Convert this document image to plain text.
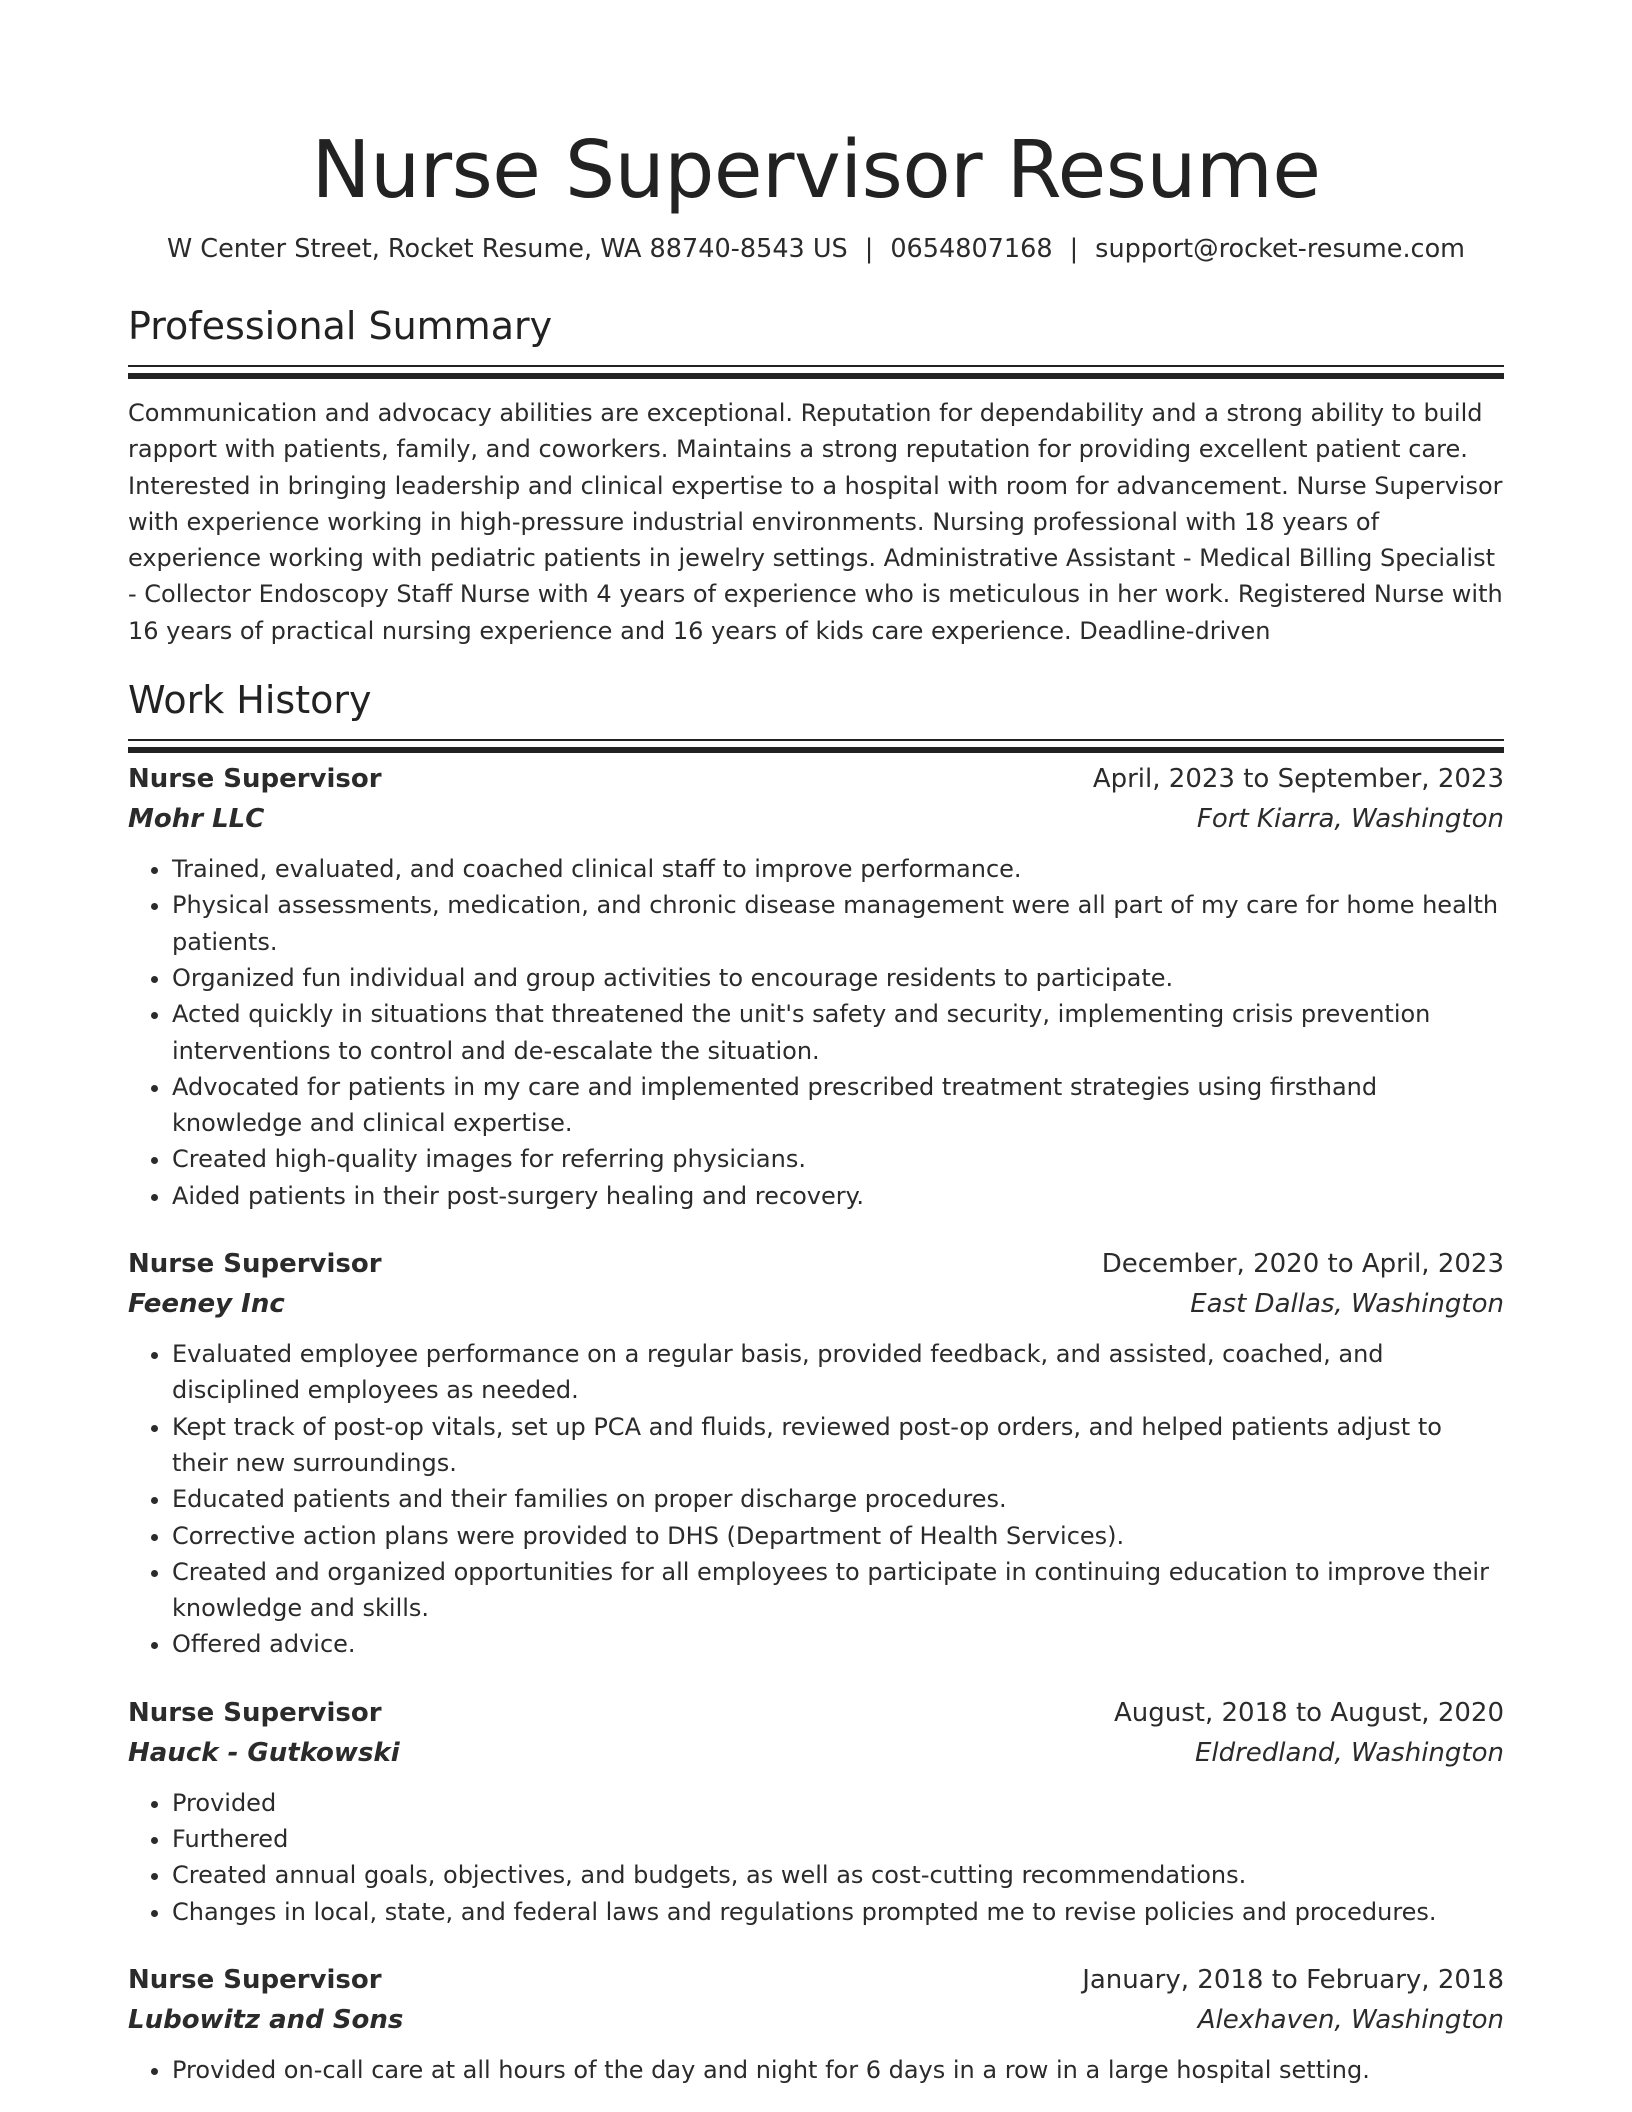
Nurse Supervisor Resume
W Center Street, Rocket Resume, WA 88740-8543 US | 0654807168 | support@rocket-resume.com
Professional Summary

Communication and advocacy abilities are exceptional. Reputation for dependability and a strong ability to build rapport with patients, family, and coworkers. Maintains a strong reputation for providing excellent patient care. Interested in bringing leadership and clinical expertise to a hospital with room for advancement. Nurse Supervisor with experience working in high-pressure industrial environments. Nursing professional with 18 years of experience working with pediatric patients in jewelry settings. Administrative Assistant - Medical Billing Specialist - Collector Endoscopy Staff Nurse with 4 years of experience who is meticulous in her work. Registered Nurse with 16 years of practical nursing experience and 16 years of kids care experience. Deadline-driven

Work History
Nurse Supervisor	April, 2023 to September, 2023
Mohr LLC	Fort Kiarra, Washington
• Trained, evaluated, and coached clinical staff to improve performance.
• Physical assessments, medication, and chronic disease management were all part of my care for home health patients.
• Organized fun individual and group activities to encourage residents to participate.
• Acted quickly in situations that threatened the unit's safety and security, implementing crisis prevention interventions to control and de-escalate the situation.
• Advocated for patients in my care and implemented prescribed treatment strategies using firsthand knowledge and clinical expertise.
• Created high-quality images for referring physicians.
• Aided patients in their post-surgery healing and recovery.
Nurse Supervisor	December, 2020 to April, 2023
Feeney Inc	East Dallas, Washington
• Evaluated employee performance on a regular basis, provided feedback, and assisted, coached, and disciplined employees as needed.
• Kept track of post-op vitals, set up PCA and fluids, reviewed post-op orders, and helped patients adjust to their new surroundings.
• Educated patients and their families on proper discharge procedures.
• Corrective action plans were provided to DHS (Department of Health Services).
• Created and organized opportunities for all employees to participate in continuing education to improve their knowledge and skills.
• Offered advice.
Nurse Supervisor	August, 2018 to August, 2020
Hauck - Gutkowski	Eldredland, Washington
• Provided
• Furthered
• Created annual goals, objectives, and budgets, as well as cost-cutting recommendations.
• Changes in local, state, and federal laws and regulations prompted me to revise policies and procedures.
Nurse Supervisor	January, 2018 to February, 2018
Lubowitz and Sons	Alexhaven, Washington
• Provided on-call care at all hours of the day and night for 6 days in a row in a large hospital setting.
